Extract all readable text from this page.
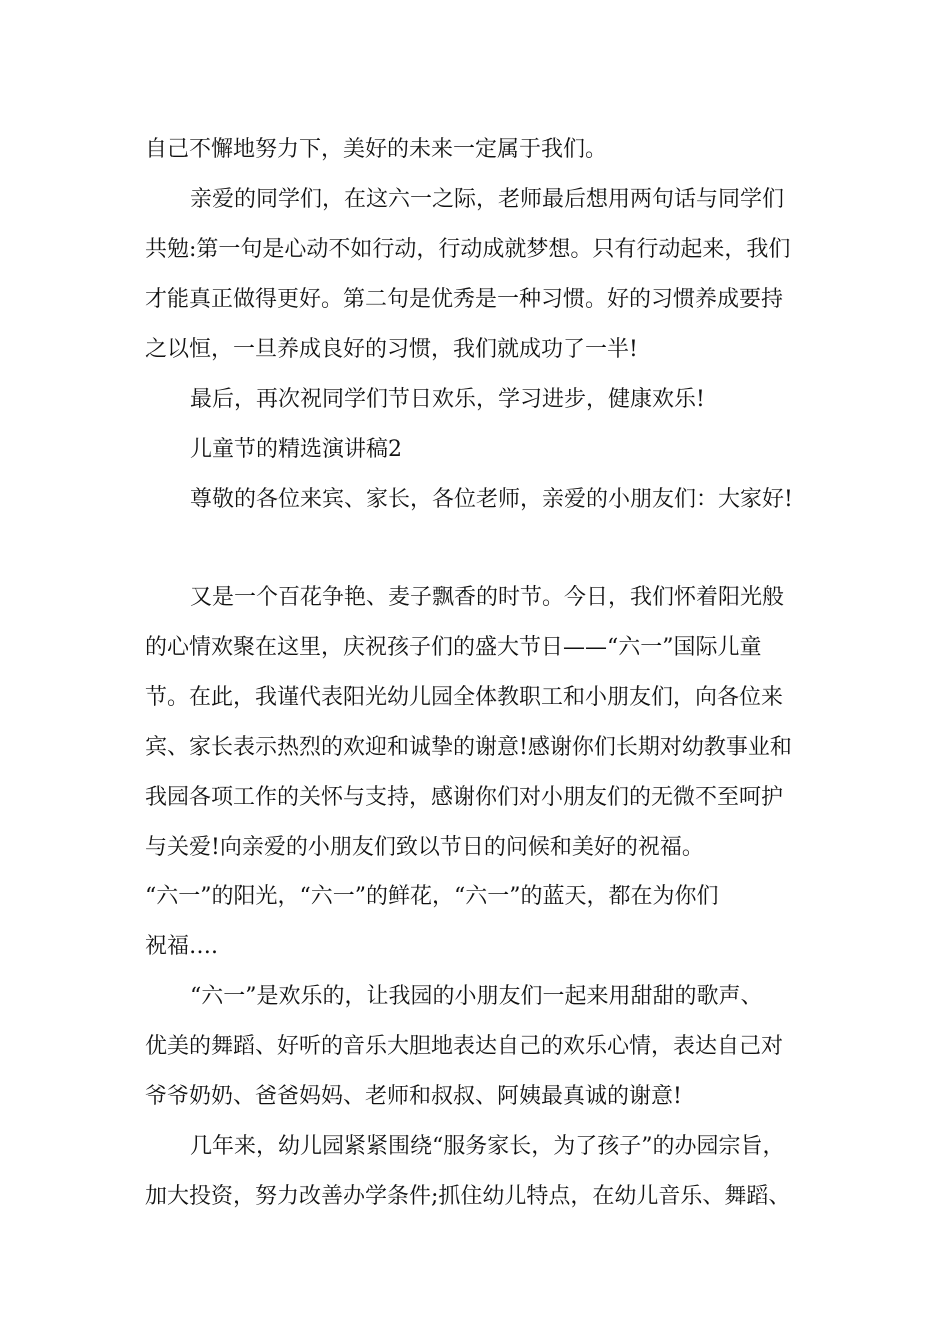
自己不懈地努力下，美好的未来一定属于我们。
亲爱的同学们，在这六一之际，老师最后想用两句话与同学们
共勉:第一句是心动不如行动，行动成就梦想。只有行动起来，我们
才能真正做得更好。第二句是优秀是一种习惯。好的习惯养成要持
之以恒，一旦养成良好的习惯，我们就成功了一半!
最后，再次祝同学们节日欢乐，学习进步，健康欢乐!
儿童节的精选演讲稿2
尊敬的各位来宾、家长，各位老师，亲爱的小朋友们：大家好!
又是一个百花争艳、麦子飘香的时节。今日，我们怀着阳光般
的心情欢聚在这里，庆祝孩子们的盛大节日——“六一”国际儿童
节。在此，我谨代表阳光幼儿园全体教职工和小朋友们，向各位来
宾、家长表示热烈的欢迎和诚挚的谢意!感谢你们长期对幼教事业和
我园各项工作的关怀与支持，感谢你们对小朋友们的无微不至呵护
与关爱!向亲爱的小朋友们致以节日的问候和美好的祝福。
“六一”的阳光，“六一”的鲜花，“六一”的蓝天，都在为你们
祝福….
“六一”是欢乐的，让我园的小朋友们一起来用甜甜的歌声、
优美的舞蹈、好听的音乐大胆地表达自己的欢乐心情，表达自己对
爷爷奶奶、爸爸妈妈、老师和叔叔、阿姨最真诚的谢意!
几年来，幼儿园紧紧围绕“服务家长，为了孩子”的办园宗旨，
加大投资，努力改善办学条件;抓住幼儿特点，在幼儿音乐、舞蹈、
